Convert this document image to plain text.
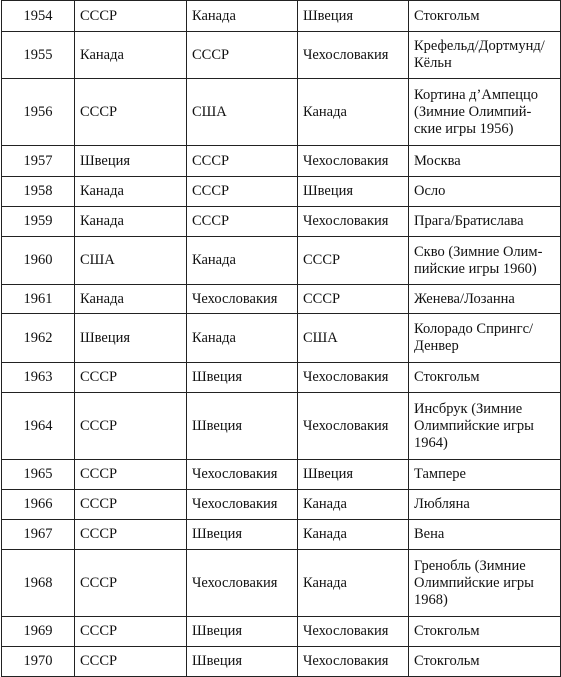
1954	СССР	Канада	Швеция	Стокгольм

1955	Канада	СССР	Чехословакия	Крефельд/Дортмунд/
Кёльн

1956	СССР	США	Канада	Кортина д’Ампеццо
(Зимние Олимпий-
ские игры 1956)

1957	Швеция	СССР	Чехословакия	Москва

1958	Канада	СССР	Швеция	Осло

1959	Канада	СССР	Чехословакия	Прага/Братислава

1960	США	Канада	СССР	Скво (Зимние Олим-
пийские игры 1960)

1961	Канада	Чехословакия	СССР	Женева/Лозанна

1962	Швеция	Канада	США	Колорадо Спрингс/
Денвер

1963	СССР	Швеция	Чехословакия	Стокгольм

1964	СССР	Швеция	Чехословакия	Инсбрук (Зимние
Олимпийские игры
1964)

1965	СССР	Чехословакия	Швеция	Тампере

1966	СССР	Чехословакия	Канада	Любляна

1967	СССР	Швеция	Канада	Вена

1968	СССР	Чехословакия	Канада	Гренобль (Зимние
Олимпийские игры
1968)

1969	СССР	Швеция	Чехословакия	Стокгольм

1970	СССР	Швеция	Чехословакия	Стокгольм
